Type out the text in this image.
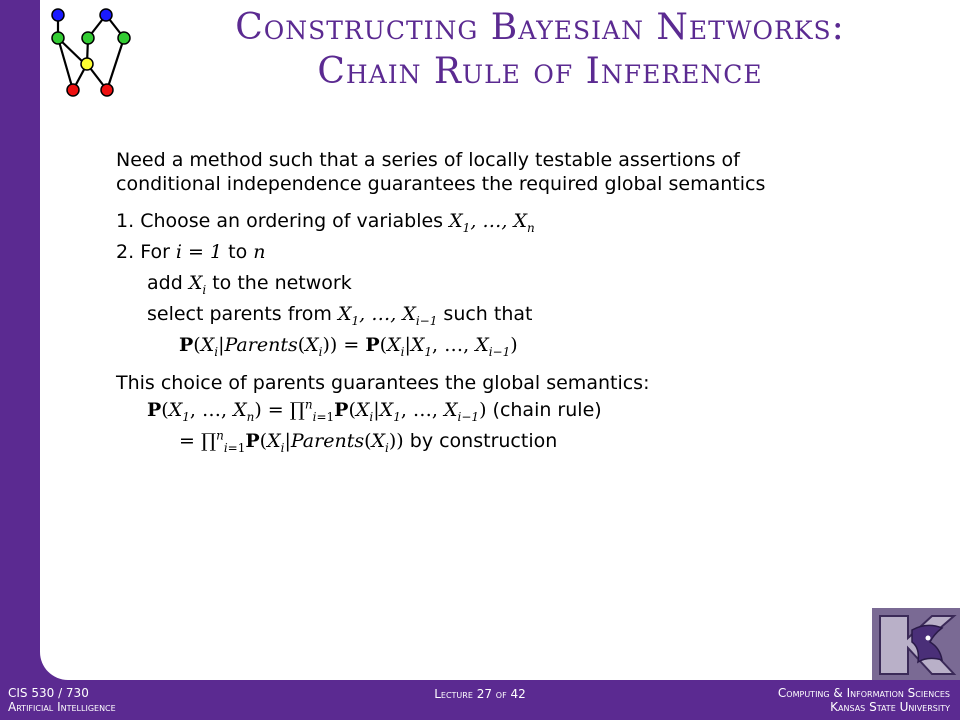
Constructing Bayesian Networks:
Chain Rule of Inference
Need a method such that a series of locally testable assertions of
conditional independence guarantees the required global semantics
1. Choose an ordering of variables $X_1$, …, $X_n$
2. For i = 1 to n
add $X_i$ to the network
select parents from $X_1$, …, $X_{i-1}$ such that
$P(X_i|Parents(X_i)) = P(X_i|X_1$, …, $X_{i-1}$)
This choice of parents guarantees the global semantics:
$P(X_1$, …, $X_n$) = $\prod^n_{i=1}P(X_i|X_1$, …, $X_{i-1}$) (chain rule)
= $\prod^n_{i=1}P(X_i|Parents(X_i))$ by construction
CIS 530 / 730
Artificial Intelligence
Lecture 27 of 42	Computing & Information Sciences
Kansas State University
